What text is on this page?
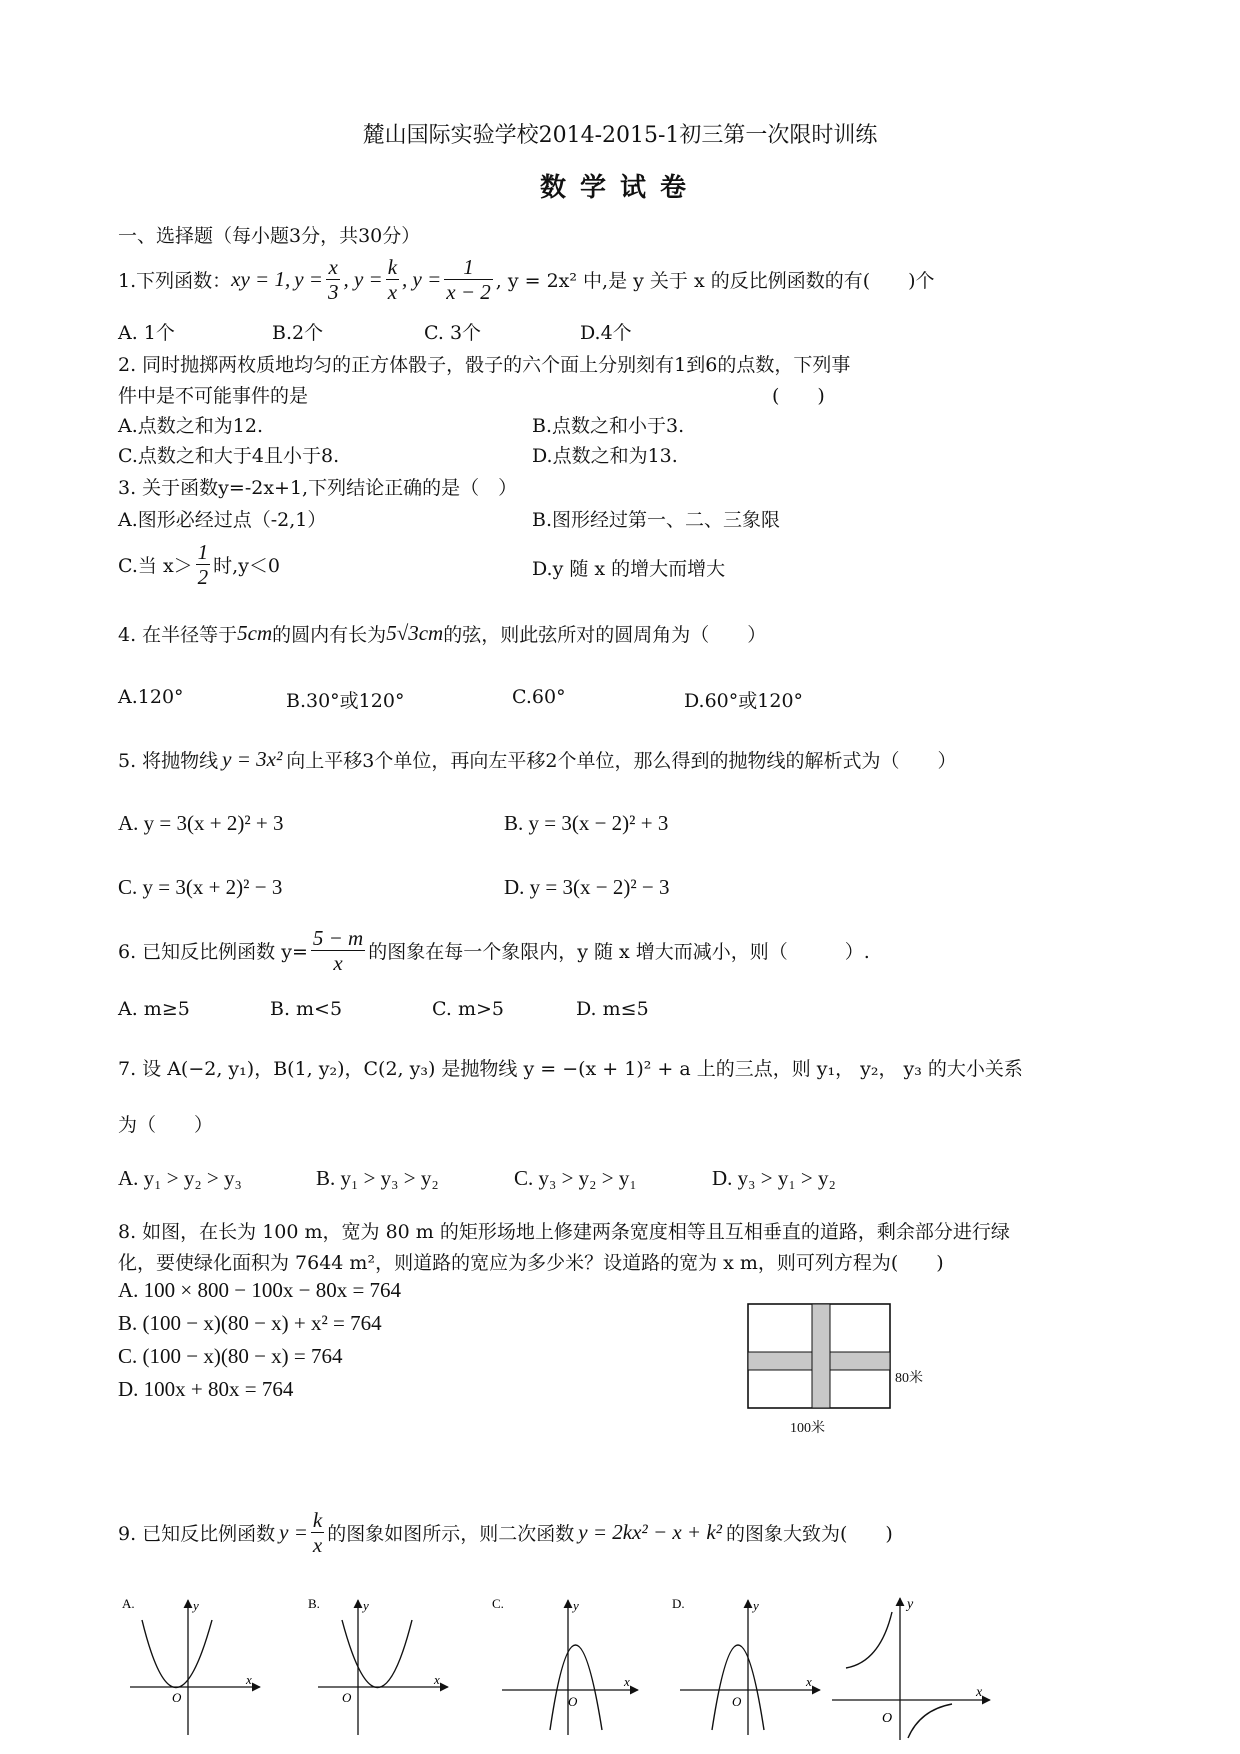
麓山国际实验学校2014-2015-1初三第一次限时训练
数学试卷
一、选择题（每小题3分，共30分）
1.下列函数： xy = 1, $y = \frac{x}{3}$ , $y = \frac{k}{x}$ , $y = \frac{1}{x - 2}$ , y = 2x² 中,是 y 关于 x 的反比例函数的有(　　)个
A. 1个	B.2个	C. 3个	D.4个
2. 同时抛掷两枚质地均匀的正方体骰子，骰子的六个面上分别刻有1到6的点数，下列事
件中是不可能事件的是	(　　)
A.点数之和为12.	B.点数之和小于3.
C.点数之和大于4且小于8.	D.点数之和为13.
3. 关于函数y=-2x+1,下列结论正确的是（　）
A.图形必经过点（-2,1）	B.图形经过第一、二、三象限
C.当 $x> \frac{1}{2}$ 时,y＜0	D.y 随 x 的增大而增大
4. 在半径等于 5cm 的圆内有长为 5√3cm 的弦，则此弦所对的圆周角为（　　）
A.120°	B.30°或120°	C.60°	D.60°或120°
5. 将抛物线 y = 3x² 向上平移3个单位，再向左平移2个单位，那么得到的抛物线的解析式为（　　）
A. y = 3(x + 2)² + 3	B. y = 3(x − 2)² + 3
C. y = 3(x + 2)² − 3	D. y = 3(x − 2)² − 3
6. 已知反比例函数 $y= \frac{5 - m}{x}$ 的图象在每一个象限内，y 随 x 增大而减小，则（　　　）.
A. m≥5	B. m<5	C. m>5	D. m≤5
7. 设 A(−2, y₁)，B(1, y₂)，C(2, y₃) 是抛物线 y = −(x + 1)² + a 上的三点，则 y₁， y₂， y₃ 的大小关系
为（　　）
A. y₁ > y₂ > y₃	B. y₁ > y₃ > y₂	C. y₃ > y₂ > y₁	D. y₃ > y₁ > y₂
8. 如图，在长为 100 m，宽为 80 m 的矩形场地上修建两条宽度相等且互相垂直的道路，剩余部分进行绿
化，要使绿化面积为 7644 m²，则道路的宽应为多少米？设道路的宽为 x m，则可列方程为(　　)
A. 100 × 800 − 100x − 80x = 764
B. (100 − x)(80 − x) + x² = 764
C. (100 − x)(80 − x) = 764
D. 100x + 80x = 764	80米
100米
9. 已知反比例函数 $y = \frac{k}{x}$ 的图象如图所示，则二次函数 y = 2kx² − x + k² 的图象大致为(　　)
A.
x
y
O
B.
x
y
O
C.
x
y
O
D.
x
y
O
x
y
O
